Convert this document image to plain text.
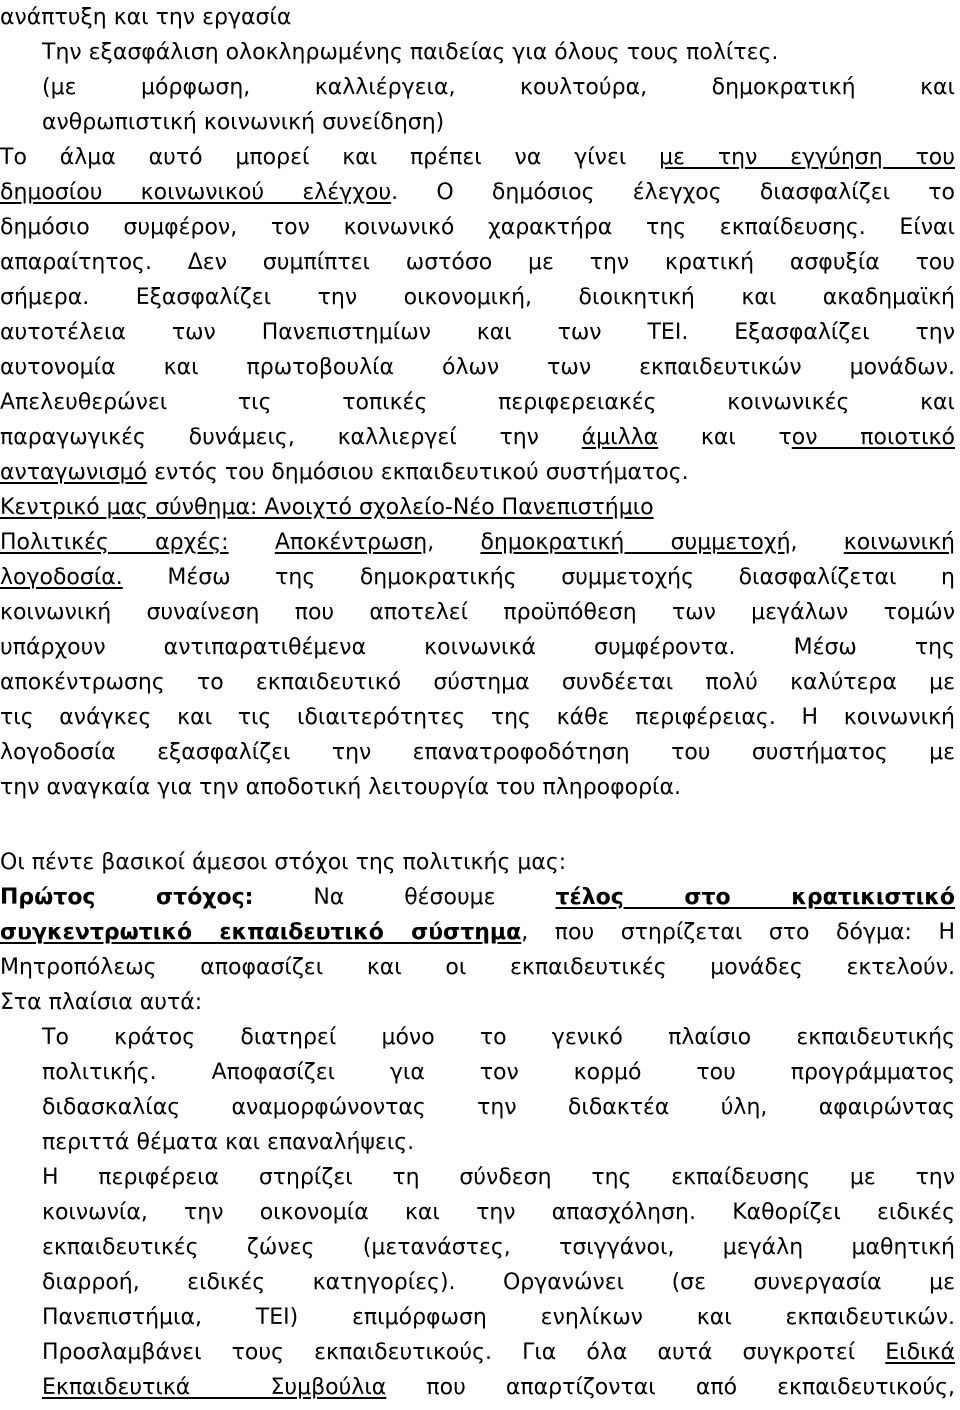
ανάπτυξη και την εργασία
Την εξασφάλιση ολοκληρωμένης παιδείας για όλους τους πολίτες.
(με μόρφωση, καλλιέργεια, κουλτούρα, δημοκρατική και
ανθρωπιστική κοινωνική συνείδηση)
Το άλμα αυτό μπορεί και πρέπει να γίνει με την εγγύηση του
δημοσίου κοινωνικού ελέγχου. Ο δημόσιος έλεγχος διασφαλίζει το
δημόσιο συμφέρον, τον κοινωνικό χαρακτήρα της εκπαίδευσης. Είναι
απαραίτητος. Δεν συμπίπτει ωστόσο με την κρατική ασφυξία του
σήμερα. Εξασφαλίζει την οικονομική, διοικητική και ακαδημαϊκή
αυτοτέλεια των Πανεπιστημίων και των ΤΕΙ. Εξασφαλίζει την
αυτονομία και πρωτοβουλία όλων των εκπαιδευτικών μονάδων.
Απελευθερώνει τις τοπικές περιφερειακές κοινωνικές και
παραγωγικές δυνάμεις, καλλιεργεί την άμιλλα και τον ποιοτικό
ανταγωνισμό εντός του δημόσιου εκπαιδευτικού συστήματος.
Κεντρικό μας σύνθημα: Ανοιχτό σχολείο-Νέο Πανεπιστήμιο
Πολιτικές αρχές: Αποκέντρωση, δημοκρατική συμμετοχή, κοινωνική
λογοδοσία. Μέσω της δημοκρατικής συμμετοχής διασφαλίζεται η
κοινωνική συναίνεση που αποτελεί προϋπόθεση των μεγάλων τομών
υπάρχουν αντιπαρατιθέμενα κοινωνικά συμφέροντα. Μέσω της
αποκέντρωσης το εκπαιδευτικό σύστημα συνδέεται πολύ καλύτερα με
τις ανάγκες και τις ιδιαιτερότητες της κάθε περιφέρειας. Η κοινωνική
λογοδοσία εξασφαλίζει την επανατροφοδότηση του συστήματος με
την αναγκαία για την αποδοτική λειτουργία του πληροφορία.
Οι πέντε βασικοί άμεσοι στόχοι της πολιτικής μας:
Πρώτος στόχος: Να θέσουμε τέλος στο κρατικιστικό
συγκεντρωτικό εκπαιδευτικό σύστημα, που στηρίζεται στο δόγμα: Η
Μητροπόλεως αποφασίζει και οι εκπαιδευτικές μονάδες εκτελούν.
Στα πλαίσια αυτά:
Το κράτος διατηρεί μόνο το γενικό πλαίσιο εκπαιδευτικής
πολιτικής. Αποφασίζει για τον κορμό του προγράμματος
διδασκαλίας αναμορφώνοντας την διδακτέα ύλη, αφαιρώντας
περιττά θέματα και επαναλήψεις.
Η περιφέρεια στηρίζει τη σύνδεση της εκπαίδευσης με την
κοινωνία, την οικονομία και την απασχόληση. Καθορίζει ειδικές
εκπαιδευτικές ζώνες (μετανάστες, τσιγγάνοι, μεγάλη μαθητική
διαρροή, ειδικές κατηγορίες). Οργανώνει (σε συνεργασία με
Πανεπιστήμια, ΤΕΙ) επιμόρφωση ενηλίκων και εκπαιδευτικών.
Προσλαμβάνει τους εκπαιδευτικούς. Για όλα αυτά συγκροτεί Ειδικά
Εκπαιδευτικά  Συμβούλια που απαρτίζονται από εκπαιδευτικούς,
